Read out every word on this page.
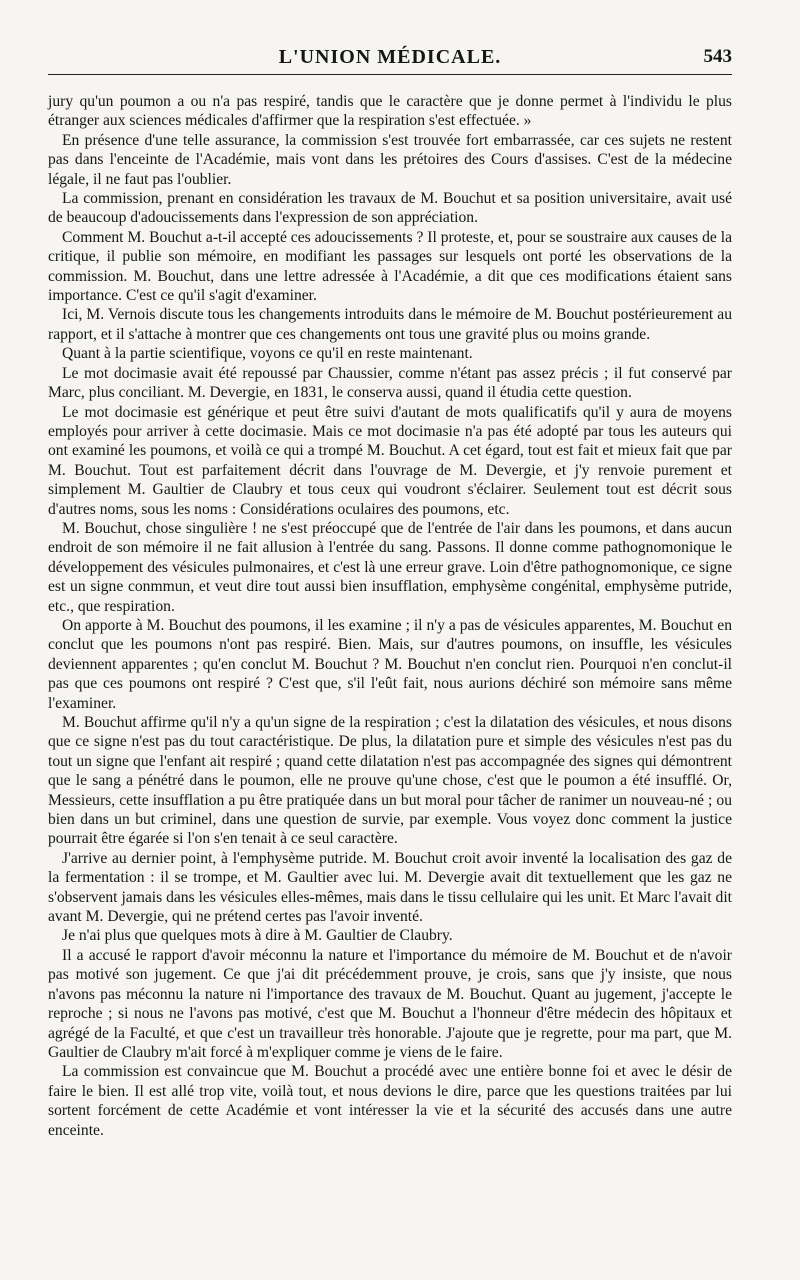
L'UNION MÉDICALE.	543

jury qu'un poumon a ou n'a pas respiré, tandis que le caractère que je donne permet à l'individu le plus étranger aux sciences médicales d'affirmer que la respiration s'est effectuée. »

En présence d'une telle assurance, la commission s'est trouvée fort embarrassée, car ces sujets ne restent pas dans l'enceinte de l'Académie, mais vont dans les prétoires des Cours d'assises. C'est de la médecine légale, il ne faut pas l'oublier.

La commission, prenant en considération les travaux de M. Bouchut et sa position universitaire, avait usé de beaucoup d'adoucissements dans l'expression de son appréciation.

Comment M. Bouchut a-t-il accepté ces adoucissements ? Il proteste, et, pour se soustraire aux causes de la critique, il publie son mémoire, en modifiant les passages sur lesquels ont porté les observations de la commission. M. Bouchut, dans une lettre adressée à l'Académie, a dit que ces modifications étaient sans importance. C'est ce qu'il s'agit d'examiner.

Ici, M. Vernois discute tous les changements introduits dans le mémoire de M. Bouchut postérieurement au rapport, et il s'attache à montrer que ces changements ont tous une gravité plus ou moins grande.

Quant à la partie scientifique, voyons ce qu'il en reste maintenant.

Le mot docimasie avait été repoussé par Chaussier, comme n'étant pas assez précis ; il fut conservé par Marc, plus conciliant. M. Devergie, en 1831, le conserva aussi, quand il étudia cette question.

Le mot docimasie est générique et peut être suivi d'autant de mots qualificatifs qu'il y aura de moyens employés pour arriver à cette docimasie. Mais ce mot docimasie n'a pas été adopté par tous les auteurs qui ont examiné les poumons, et voilà ce qui a trompé M. Bouchut. A cet égard, tout est fait et mieux fait que par M. Bouchut. Tout est parfaitement décrit dans l'ouvrage de M. Devergie, et j'y renvoie purement et simplement M. Gaultier de Claubry et tous ceux qui voudront s'éclairer. Seulement tout est décrit sous d'autres noms, sous les noms : Considérations oculaires des poumons, etc.

M. Bouchut, chose singulière ! ne s'est préoccupé que de l'entrée de l'air dans les poumons, et dans aucun endroit de son mémoire il ne fait allusion à l'entrée du sang. Passons. Il donne comme pathognomonique le développement des vésicules pulmonaires, et c'est là une erreur grave. Loin d'être pathognomonique, ce signe est un signe conmmun, et veut dire tout aussi bien insufflation, emphysème congénital, emphysème putride, etc., que respiration.

On apporte à M. Bouchut des poumons, il les examine ; il n'y a pas de vésicules apparentes, M. Bouchut en conclut que les poumons n'ont pas respiré. Bien. Mais, sur d'autres poumons, on insuffle, les vésicules deviennent apparentes ; qu'en conclut M. Bouchut ? M. Bouchut n'en conclut rien. Pourquoi n'en conclut-il pas que ces poumons ont respiré ? C'est que, s'il l'eût fait, nous aurions déchiré son mémoire sans même l'examiner.

M. Bouchut affirme qu'il n'y a qu'un signe de la respiration ; c'est la dilatation des vésicules, et nous disons que ce signe n'est pas du tout caractéristique. De plus, la dilatation pure et simple des vésicules n'est pas du tout un signe que l'enfant ait respiré ; quand cette dilatation n'est pas accompagnée des signes qui démontrent que le sang a pénétré dans le poumon, elle ne prouve qu'une chose, c'est que le poumon a été insufflé. Or, Messieurs, cette insufflation a pu être pratiquée dans un but moral pour tâcher de ranimer un nouveau-né ; ou bien dans un but criminel, dans une question de survie, par exemple. Vous voyez donc comment la justice pourrait être égarée si l'on s'en tenait à ce seul caractère.

J'arrive au dernier point, à l'emphysème putride. M. Bouchut croit avoir inventé la localisation des gaz de la fermentation : il se trompe, et M. Gaultier avec lui. M. Devergie avait dit textuellement que les gaz ne s'observent jamais dans les vésicules elles-mêmes, mais dans le tissu cellulaire qui les unit. Et Marc l'avait dit avant M. Devergie, qui ne prétend certes pas l'avoir inventé.

Je n'ai plus que quelques mots à dire à M. Gaultier de Claubry.

Il a accusé le rapport d'avoir méconnu la nature et l'importance du mémoire de M. Bouchut et de n'avoir pas motivé son jugement. Ce que j'ai dit précédemment prouve, je crois, sans que j'y insiste, que nous n'avons pas méconnu la nature ni l'importance des travaux de M. Bouchut. Quant au jugement, j'accepte le reproche ; si nous ne l'avons pas motivé, c'est que M. Bouchut a l'honneur d'être médecin des hôpitaux et agrégé de la Faculté, et que c'est un travailleur très honorable. J'ajoute que je regrette, pour ma part, que M. Gaultier de Claubry m'ait forcé à m'expliquer comme je viens de le faire.

La commission est convaincue que M. Bouchut a procédé avec une entière bonne foi et avec le désir de faire le bien. Il est allé trop vite, voilà tout, et nous devions le dire, parce que les questions traitées par lui sortent forcément de cette Académie et vont intéresser la vie et la sécurité des accusés dans une autre enceinte.
